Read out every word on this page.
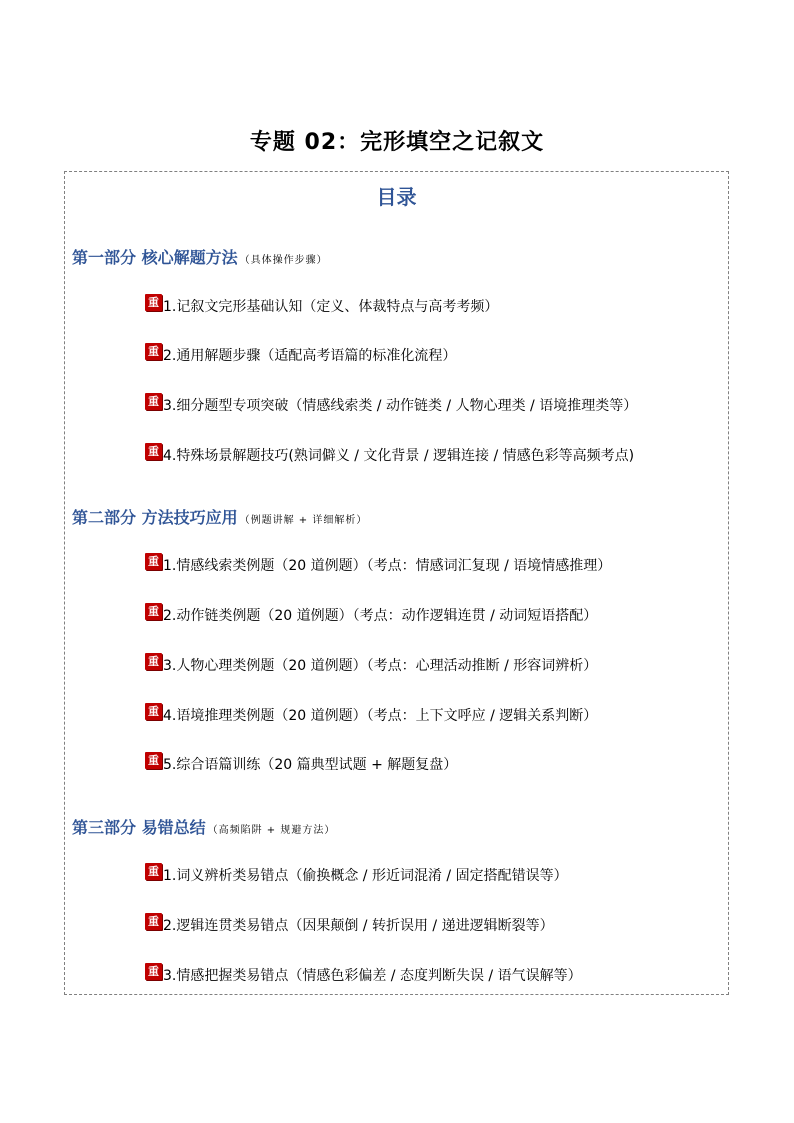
专题 02：完形填空之记叙文
目录
第一部分 核心解题方法 （具体操作步骤）
重 1.记叙文完形基础认知（定义、体裁特点与高考考频）
重 2.通用解题步骤（适配高考语篇的标准化流程）
重 3.细分题型专项突破（情感线索类 / 动作链类 / 人物心理类 / 语境推理类等）
重 4.特殊场景解题技巧(熟词僻义 / 文化背景 / 逻辑连接 / 情感色彩等高频考点)
第二部分 方法技巧应用 （例题讲解 + 详细解析）
重 1.情感线索类例题（20 道例题）（考点：情感词汇复现 / 语境情感推理）
重 2.动作链类例题（20 道例题）（考点：动作逻辑连贯 / 动词短语搭配）
重 3.人物心理类例题（20 道例题）（考点：心理活动推断 / 形容词辨析）
重 4.语境推理类例题（20 道例题）（考点：上下文呼应 / 逻辑关系判断）
重 5.综合语篇训练（20 篇典型试题 + 解题复盘）
第三部分 易错总结 （高频陷阱 + 规避方法）
重 1.词义辨析类易错点（偷换概念 / 形近词混淆 / 固定搭配错误等）
重 2.逻辑连贯类易错点（因果颠倒 / 转折误用 / 递进逻辑断裂等）
重 3.情感把握类易错点（情感色彩偏差 / 态度判断失误 / 语气误解等）
